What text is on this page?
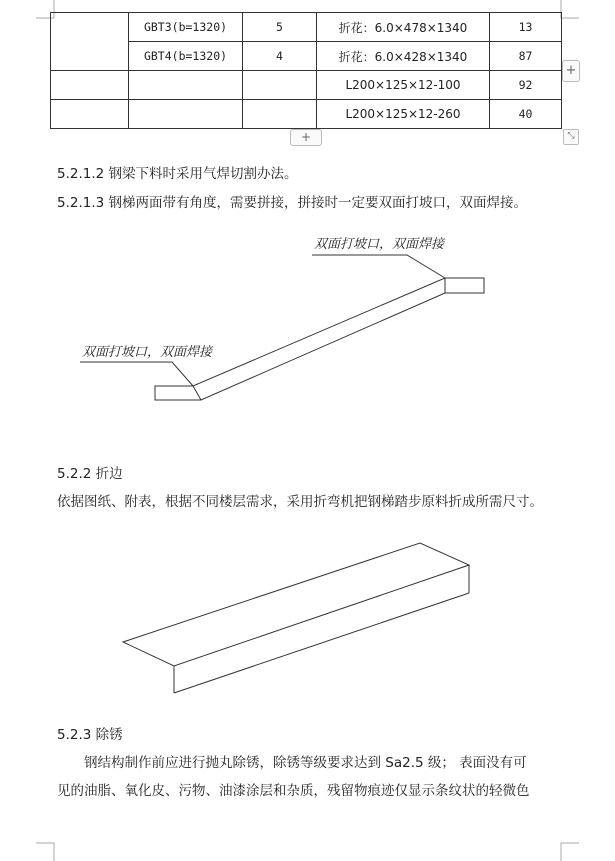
	GBT3(b=1320)	5	折花：6.0×478×1340	13
	GBT4(b=1320)	4	折花：6.0×428×1340	87
			L200×125×12-100	92
			L200×125×12-260	40
+
+	⤡
5.2.1.2 钢梁下料时采用气焊切割办法。
5.2.1.3 钢梯两面带有角度，需要拼接，拼接时一定要双面打坡口，双面焊接。
双面打坡口，双面焊接
双面打坡口，双面焊接
5.2.2 折边
依据图纸、附表，根据不同楼层需求，采用折弯机把钢梯踏步原料折成所需尺寸。
5.2.3 除锈
钢结构制作前应进行抛丸除锈，除锈等级要求达到 Sa2.5 级； 表面没有可
见的油脂、氧化皮、污物、油漆涂层和杂质，残留物痕迹仅显示条纹状的轻微色
